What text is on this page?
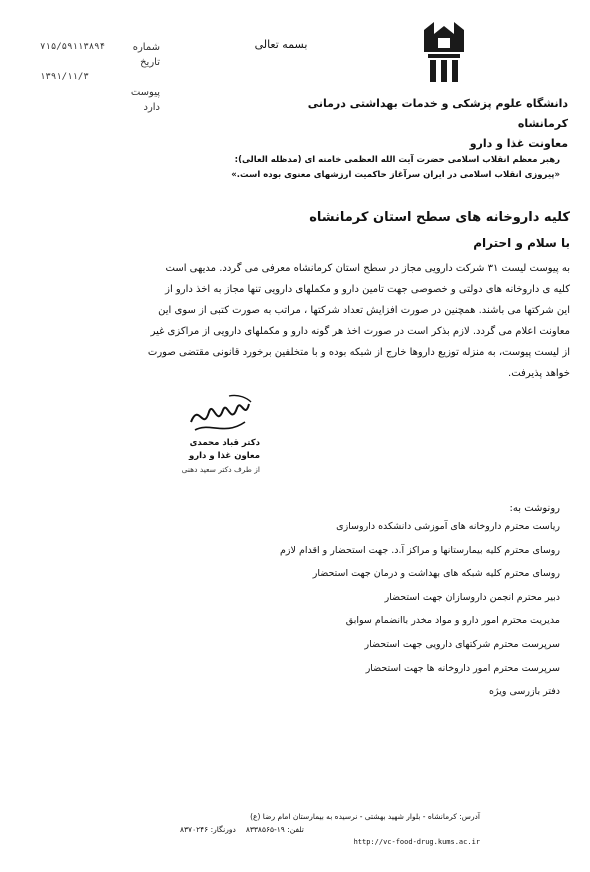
بسمه تعالی
دانشگاه علوم پزشکی و خدمات بهداشتی درمانی کرمانشاه
معاونت غذا و دارو
شماره
۷۱۵/۵۹۱۱۳۸۹۴
تاریخ
۱۳۹۱/۱۱/۳
پیوست
دارد
رهبر معظم انقلاب اسلامی حضرت آیت الله العظمی خامنه ای (مدظله العالی):
«پیروزی انقلاب اسلامی در ایران سرآغاز حاکمیت ارزشهای معنوی بوده است.»
کلیه داروخانه های سطح استان کرمانشاه
با سلام و احترام
به پیوست لیست ۳۱ شرکت دارویی مجاز در سطح استان کرمانشاه معرفی می گردد. مدیهی است
کلیه ی داروخانه های دولتی و خصوصی جهت تامین دارو و مکملهای دارویی تنها مجاز به اخذ دارو از
این شرکتها می باشند. همچنین در صورت افزایش تعداد شرکتها ، مراتب به صورت کتبی از سوی این
معاونت اعلام می گردد. لازم بذکر است در صورت اخذ هر گونه دارو و مکملهای دارویی از مراکزی غیر
از لیست پیوست، به منزله توزیع داروها خارج از شبکه بوده و با متخلفین برخورد قانونی مقتضی صورت
خواهد پذیرفت.
دکتر قباد محمدی
معاون غذا و دارو
از طرف دکتر سعید دهنی
رونوشت به:
ریاست محترم داروخانه های آموزشی دانشکده داروسازی
روسای محترم کلیه بیمارستانها و مراکز آ.د. جهت استحضار و اقدام لازم
روسای محترم کلیه شبکه های بهداشت و درمان جهت استحضار
دبیر محترم انجمن داروسازان جهت استحضار
مدیریت محترم امور دارو و مواد مخدر باانضمام سوابق
سرپرست محترم شرکتهای دارویی جهت استحضار
سرپرست محترم امور داروخانه ها جهت استحضار
دفتر بازرسی ویژه
آدرس: کرمانشاه - بلوار شهید بهشتی - نرسیده به بیمارستان امام رضا (ع)
تلفن: ۱۹-۸۳۳۸۵۶۵
دورنگار: ۸۳۷۰۲۴۶
http://vc-food-drug.kums.ac.ir
